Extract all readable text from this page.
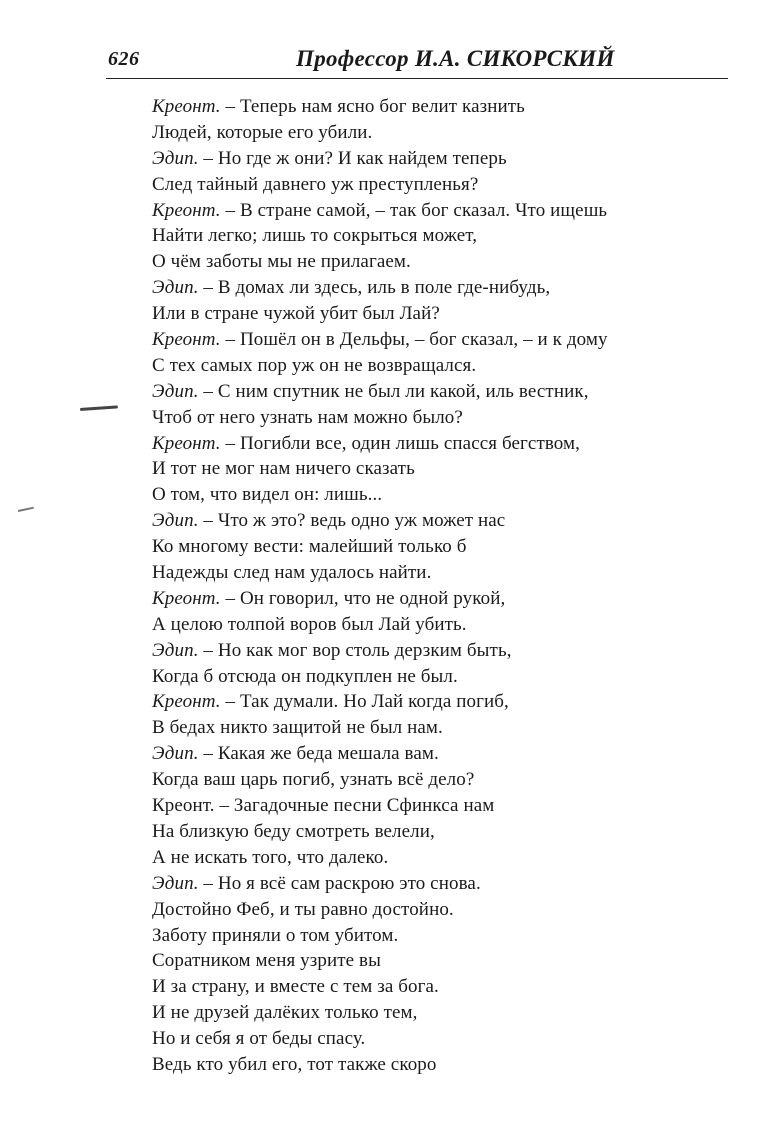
626	Профессор И.А. СИКОРСКИЙ
Креонт. – Теперь нам ясно бог велит казнить
Людей, которые его убили.
Эдип. – Но где ж они? И как найдем теперь
След тайный давнего уж преступленья?
Креонт. – В стране самой, – так бог сказал. Что ищешь
Найти легко; лишь то сокрыться может,
О чём заботы мы не прилагаем.
Эдип. – В домах ли здесь, иль в поле где-нибудь,
Или в стране чужой убит был Лай?
Креонт. – Пошёл он в Дельфы, – бог сказал, – и к дому
С тех самых пор уж он не возвращался.
Эдип. – С ним спутник не был ли какой, иль вестник,
Чтоб от него узнать нам можно было?
Креонт. – Погибли все, один лишь спасся бегством,
И тот не мог нам ничего сказать
О том, что видел он: лишь...
Эдип. – Что ж это? ведь одно уж может нас
Ко многому вести: малейший только б
Надежды след нам удалось найти.
Креонт. – Он говорил, что не одной рукой,
А целою толпой воров был Лай убить.
Эдип. – Но как мог вор столь дерзким быть,
Когда б отсюда он подкуплен не был.
Креонт. – Так думали. Но Лай когда погиб,
В бедах никто защитой не был нам.
Эдип. – Какая же беда мешала вам.
Когда ваш царь погиб, узнать всё дело?
Креонт. – Загадочные песни Сфинкса нам
На близкую беду смотреть велели,
А не искать того, что далеко.
Эдип. – Но я всё сам раскрою это снова.
Достойно Феб, и ты равно достойно.
Заботу приняли о том убитом.
Соратником меня узрите вы
И за страну, и вместе с тем за бога.
И не друзей далёких только тем,
Но и себя я от беды спасу.
Ведь кто убил его, тот также скоро
